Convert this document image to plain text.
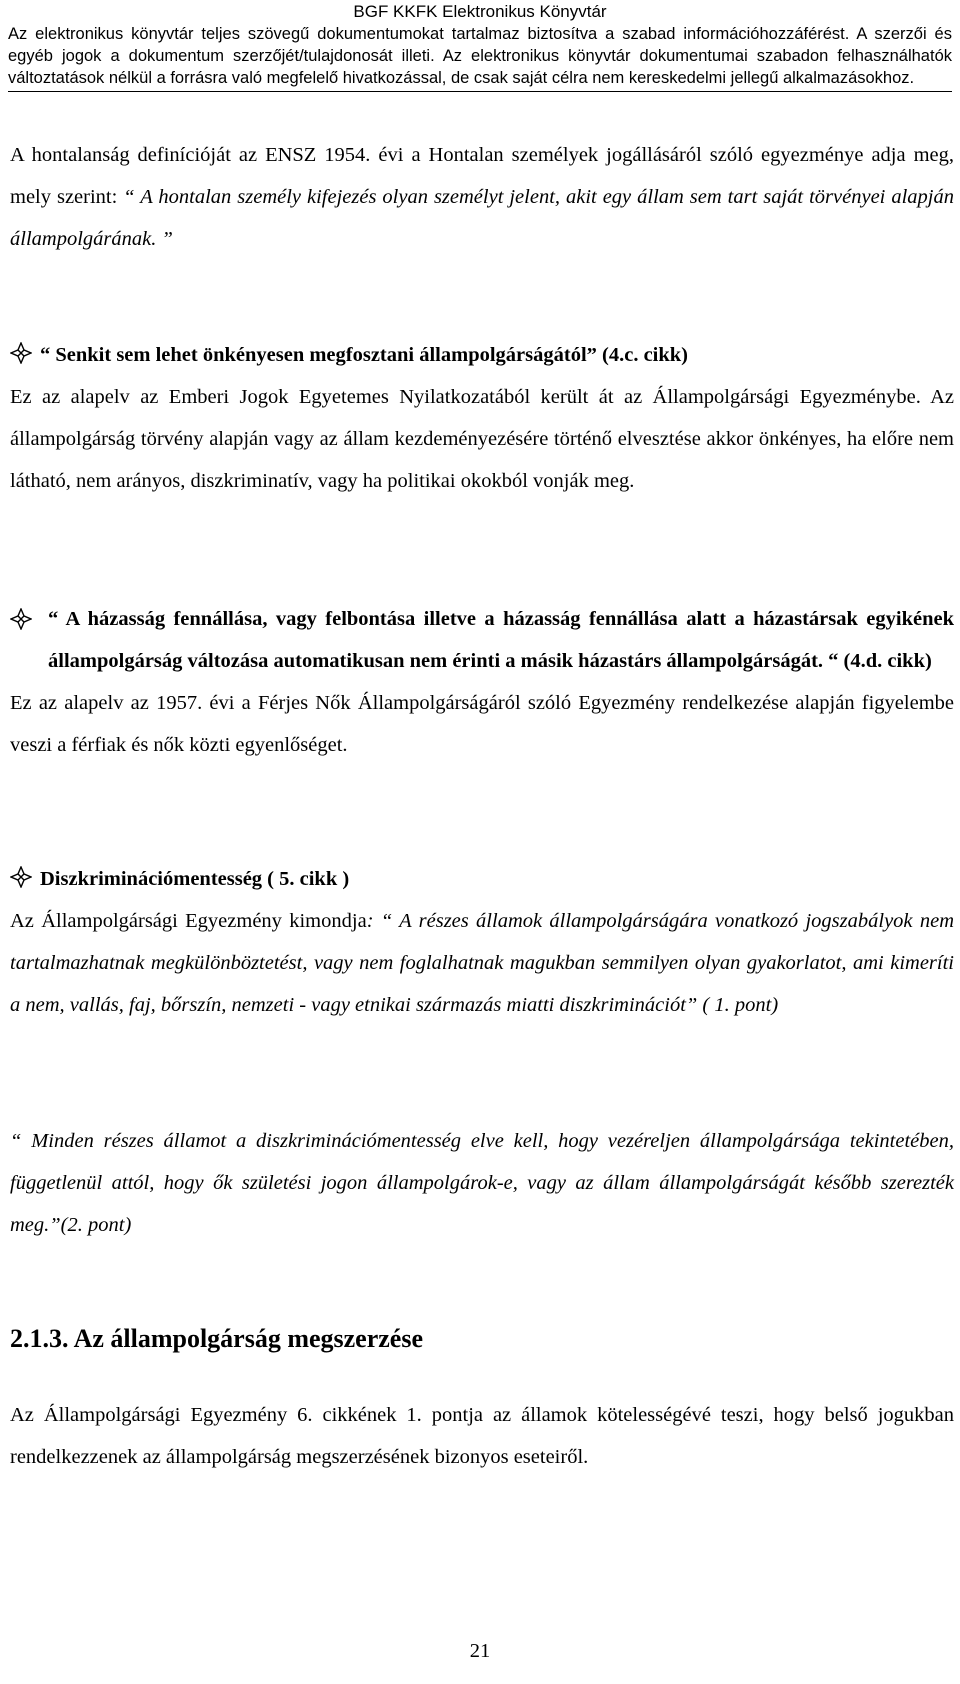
BGF KKFK Elektronikus Könyvtár
Az elektronikus könyvtár teljes szövegű dokumentumokat tartalmaz biztosítva a szabad információhozzáférést. A szerzői és egyéb jogok a dokumentum szerzőjét/tulajdonosát illeti. Az elektronikus könyvtár dokumentumai szabadon felhasználhatók változtatások nélkül a forrásra való megfelelő hivatkozással, de csak saját célra nem kereskedelmi jellegű alkalmazásokhoz.

A hontalanság definícióját az ENSZ 1954. évi a Hontalan személyek jogállásáról szóló egyezménye adja meg, mely szerint: “ A hontalan személy kifejezés olyan személyt jelent, akit egy állam sem tart saját törvényei alapján állampolgárának. ”

“ Senkit sem lehet önkényesen megfosztani állampolgárságától” (4.c. cikk)

Ez az alapelv az Emberi Jogok Egyetemes Nyilatkozatából került át az Állampolgársági Egyezménybe. Az állampolgárság törvény alapján vagy az állam kezdeményezésére történő elvesztése akkor önkényes, ha előre nem látható, nem arányos, diszkriminatív, vagy ha politikai okokból vonják meg.

“ A házasság fennállása, vagy felbontása illetve a házasság fennállása alatt a házastársak egyikének állampolgárság változása automatikusan nem érinti a másik házastárs állampolgárságát. “ (4.d. cikk)

Ez az alapelv az 1957. évi a Férjes Nők Állampolgárságáról szóló Egyezmény rendelkezése alapján figyelembe veszi a férfiak és nők közti egyenlőséget.

Diszkriminációmentesség ( 5. cikk )

Az Állampolgársági Egyezmény kimondja: “ A részes államok állampolgárságára vonatkozó jogszabályok nem tartalmazhatnak megkülönböztetést, vagy nem foglalhatnak magukban semmilyen olyan gyakorlatot, ami kimeríti a nem, vallás, faj, bőrszín, nemzeti - vagy etnikai származás miatti diszkriminációt” ( 1. pont)

“ Minden részes államot a diszkriminációmentesség elve kell, hogy vezéreljen állampolgársága tekintetében, függetlenül attól, hogy ők születési jogon állampolgárok-e, vagy az állam állampolgárságát később szerezték meg.”(2. pont)

2.1.3. Az állampolgárság megszerzése

Az Állampolgársági Egyezmény 6. cikkének 1. pontja az államok kötelességévé teszi, hogy belső jogukban rendelkezzenek az állampolgárság megszerzésének bizonyos eseteiről.

21
